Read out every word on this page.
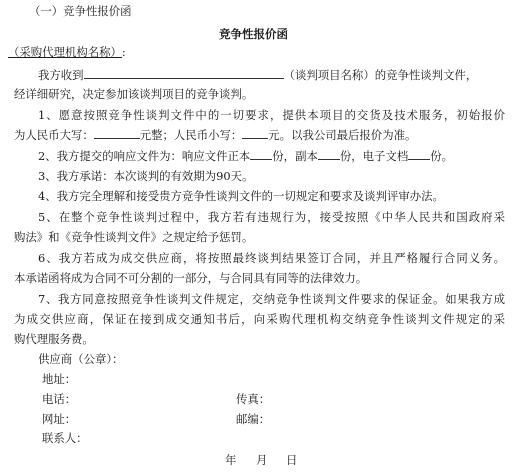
（一）竞争性报价函
竞争性报价函
（采购代理机构名称）:
我方收到	（谈判项目名称）的竞争性谈判文件，
经详细研究，决定参加该谈判项目的竞争谈判。
1、愿意按照竞争性谈判文件中的一切要求，提供本项目的交货及技术服务，初始报价
为人民币大写：	元整；人民币小写： 元。以我公司最后报价为准。
2、我方提交的响应文件为：响应文件正本 份，副本 份，电子文档 份。
3、我方承诺：本次谈判的有效期为90天。
4、我方完全理解和接受贵方竞争性谈判文件的一切规定和要求及谈判评审办法。
5、在整个竞争性谈判过程中，我方若有违规行为，接受按照《中华人民共和国政府采
购法》和《竞争性谈判文件》之规定给予惩罚。
6、我方若成为成交供应商，将按照最终谈判结果签订合同，并且严格履行合同义务。
本承诺函将成为合同不可分割的一部分，与合同具有同等的法律效力。
7、我方同意按照竞争性谈判文件规定，交纳竞争性谈判文件要求的保证金。如果我方成
为成交供应商，保证在接到成交通知书后，向采购代理机构交纳竞争性谈判文件规定的采
购代理服务费。
供应商（公章）：
地址：
电话：	传真：
网址：	邮编：
联系人：
年 月 日
